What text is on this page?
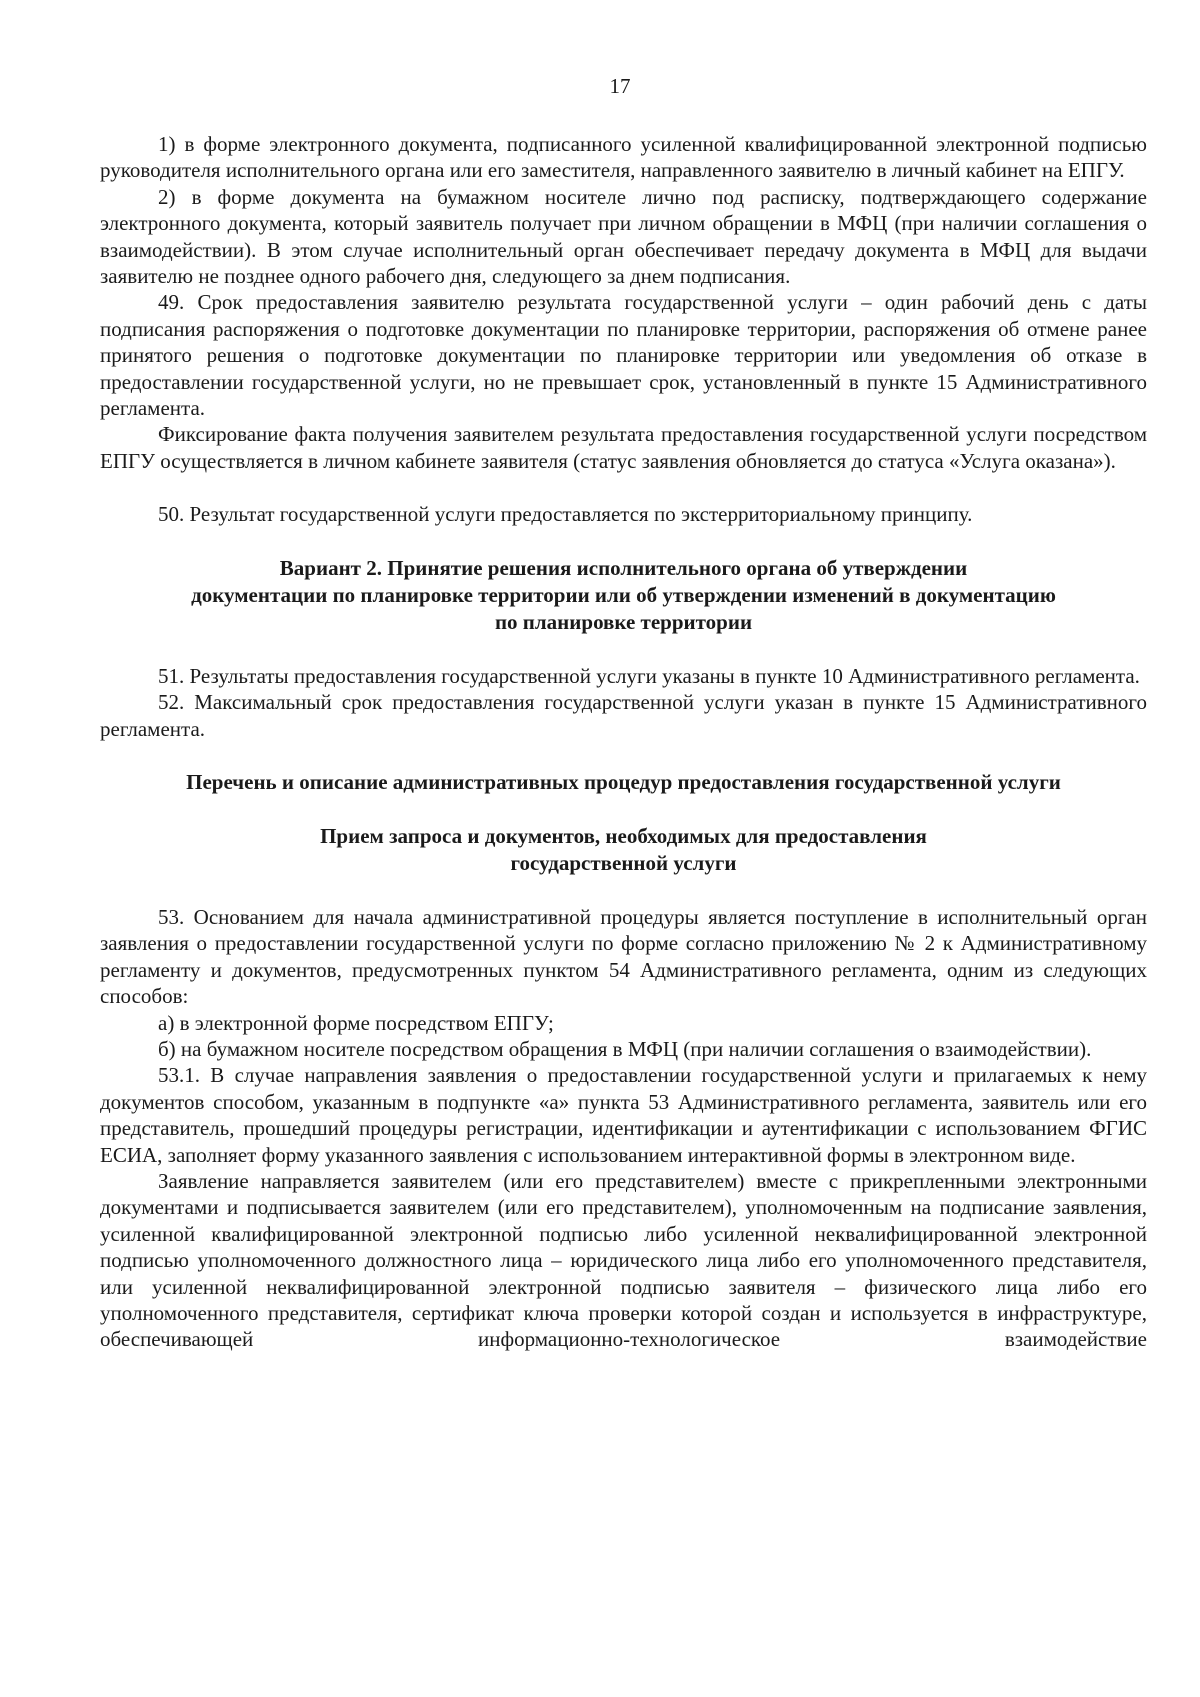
17

1) в форме электронного документа, подписанного усиленной квалифицированной электронной подписью руководителя исполнительного органа или его заместителя, направленного заявителю в личный кабинет на ЕПГУ.

2) в форме документа на бумажном носителе лично под расписку, подтверждающего содержание электронного документа, который заявитель получает при личном обращении в МФЦ (при наличии соглашения о взаимодействии). В этом случае исполнительный орган обеспечивает передачу документа в МФЦ для выдачи заявителю не позднее одного рабочего дня, следующего за днем подписания.

49. Срок предоставления заявителю результата государственной услуги – один рабочий день с даты подписания распоряжения о подготовке документации по планировке территории, распоряжения об отмене ранее принятого решения о подготовке документации по планировке территории или уведомления об отказе в предоставлении государственной услуги, но не превышает срок, установленный в пункте 15 Административного регламента.

Фиксирование факта получения заявителем результата предоставления государственной услуги посредством ЕПГУ осуществляется в личном кабинете заявителя (статус заявления обновляется до статуса «Услуга оказана»).

50. Результат государственной услуги предоставляется по экстерриториальному принципу.

Вариант 2. Принятие решения исполнительного органа об утверждении
документации по планировке территории или об утверждении изменений в документацию
по планировке территории

51. Результаты предоставления государственной услуги указаны в пункте 10 Административного регламента.

52. Максимальный срок предоставления государственной услуги указан в пункте 15 Административного регламента.

Перечень и описание административных процедур предоставления государственной услуги
Прием запроса и документов, необходимых для предоставления
государственной услуги

53. Основанием для начала административной процедуры является поступление в исполнительный орган заявления о предоставлении государственной услуги по форме согласно приложению № 2 к Административному регламенту и документов, предусмотренных пунктом 54 Административного регламента, одним из следующих способов:

а) в электронной форме посредством ЕПГУ;

б) на бумажном носителе посредством обращения в МФЦ (при наличии соглашения о взаимодействии).

53.1. В случае направления заявления о предоставлении государственной услуги и прилагаемых к нему документов способом, указанным в подпункте «а» пункта 53 Административного регламента, заявитель или его представитель, прошедший процедуры регистрации, идентификации и аутентификации с использованием ФГИС ЕСИА, заполняет форму указанного заявления с использованием интерактивной формы в электронном виде.

Заявление направляется заявителем (или его представителем) вместе с прикрепленными электронными документами и подписывается заявителем (или его представителем), уполномоченным на подписание заявления, усиленной квалифицированной электронной подписью либо усиленной неквалифицированной электронной подписью уполномоченного должностного лица – юридического лица либо его уполномоченного представителя, или усиленной неквалифицированной электронной подписью заявителя – физического лица либо его уполномоченного представителя, сертификат ключа проверки которой создан и используется в инфраструктуре, обеспечивающей информационно-технологическое взаимодействие
